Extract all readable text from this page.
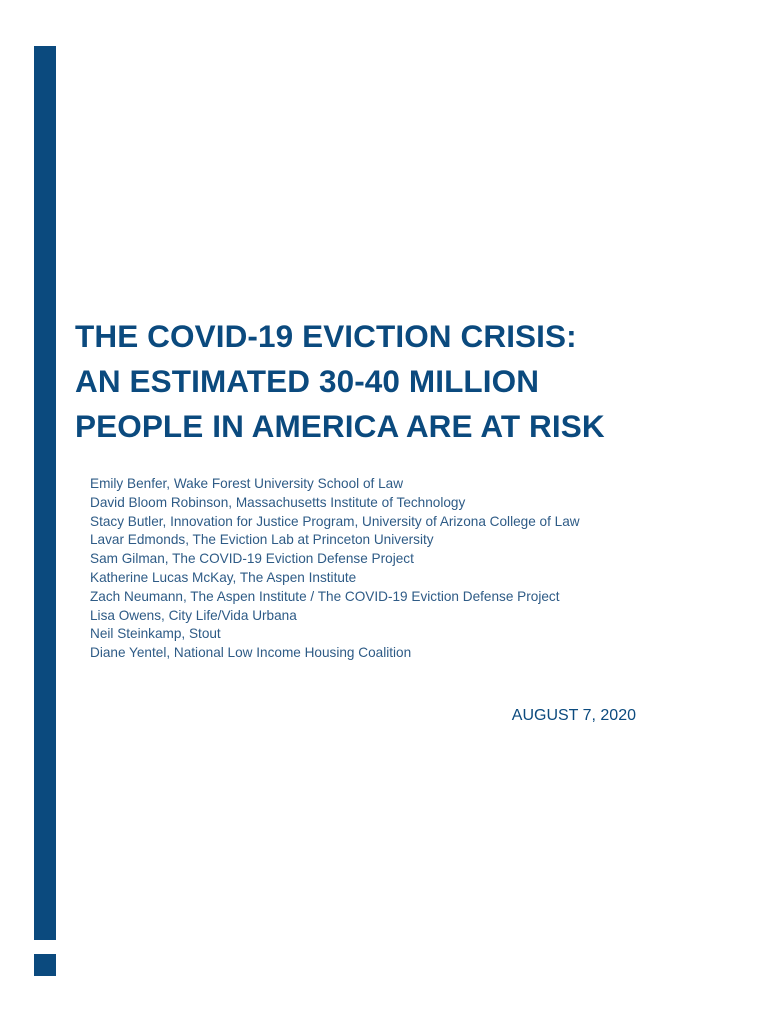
THE COVID-19 EVICTION CRISIS:
AN ESTIMATED 30-40 MILLION
PEOPLE IN AMERICA ARE AT RISK
Emily Benfer, Wake Forest University School of Law
David Bloom Robinson, Massachusetts Institute of Technology
Stacy Butler, Innovation for Justice Program, University of Arizona College of Law
Lavar Edmonds, The Eviction Lab at Princeton University
Sam Gilman, The COVID-19 Eviction Defense Project
Katherine Lucas McKay, The Aspen Institute
Zach Neumann, The Aspen Institute / The COVID-19 Eviction Defense Project
Lisa Owens, City Life/Vida Urbana
Neil Steinkamp, Stout
Diane Yentel, National Low Income Housing Coalition
AUGUST 7, 2020
